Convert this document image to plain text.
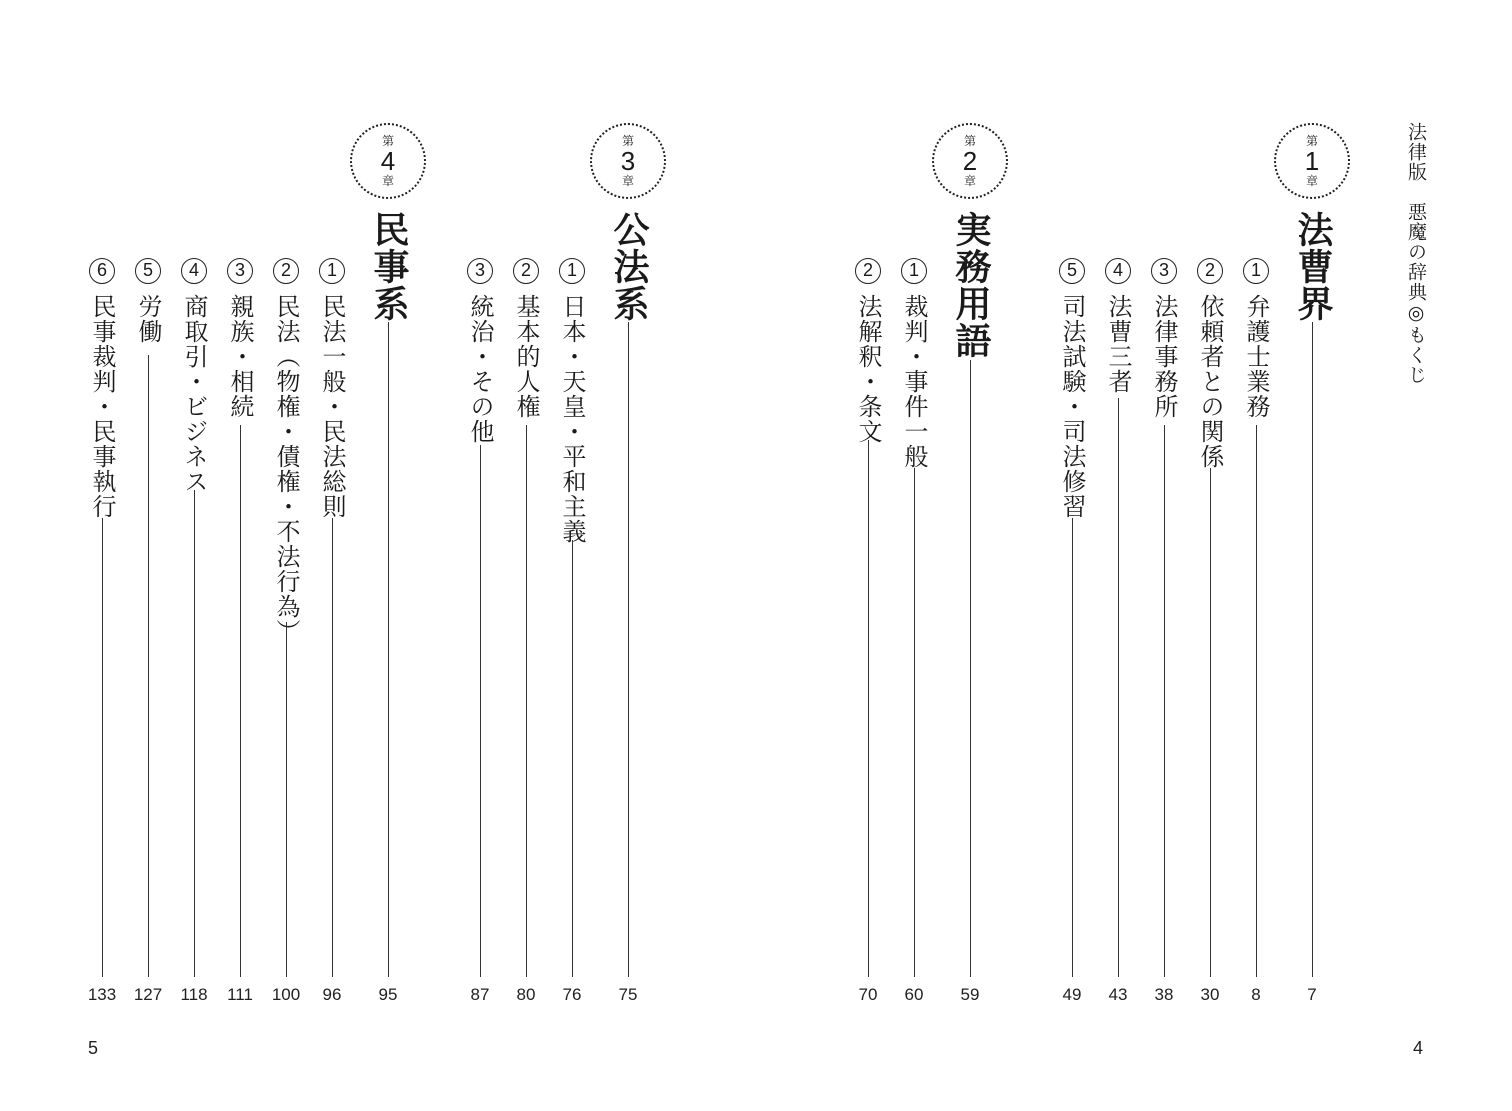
法律版　悪魔の辞典◎もくじ
5	4
第
1
章
法曹界
7
1
弁護士業務
8
2
依頼者との関係
30
3
法律事務所
38
4
法曹三者
43
5
司法試験・司法修習
49
第
2
章
実務用語
59
1
裁判・事件一般
60
2
法解釈・条文
70
第
3
章
公法系
75
1
日本・天皇・平和主義
76
2
基本的人権
80
3
統治・その他
87
第
4
章
民事系
95
1
民法一般・民法総則
96
2
民法（物権・債権・不法行為）
100
3
親族・相続
111
4
商取引・ビジネス
118
5
労働
127
6
民事裁判・民事執行
133
